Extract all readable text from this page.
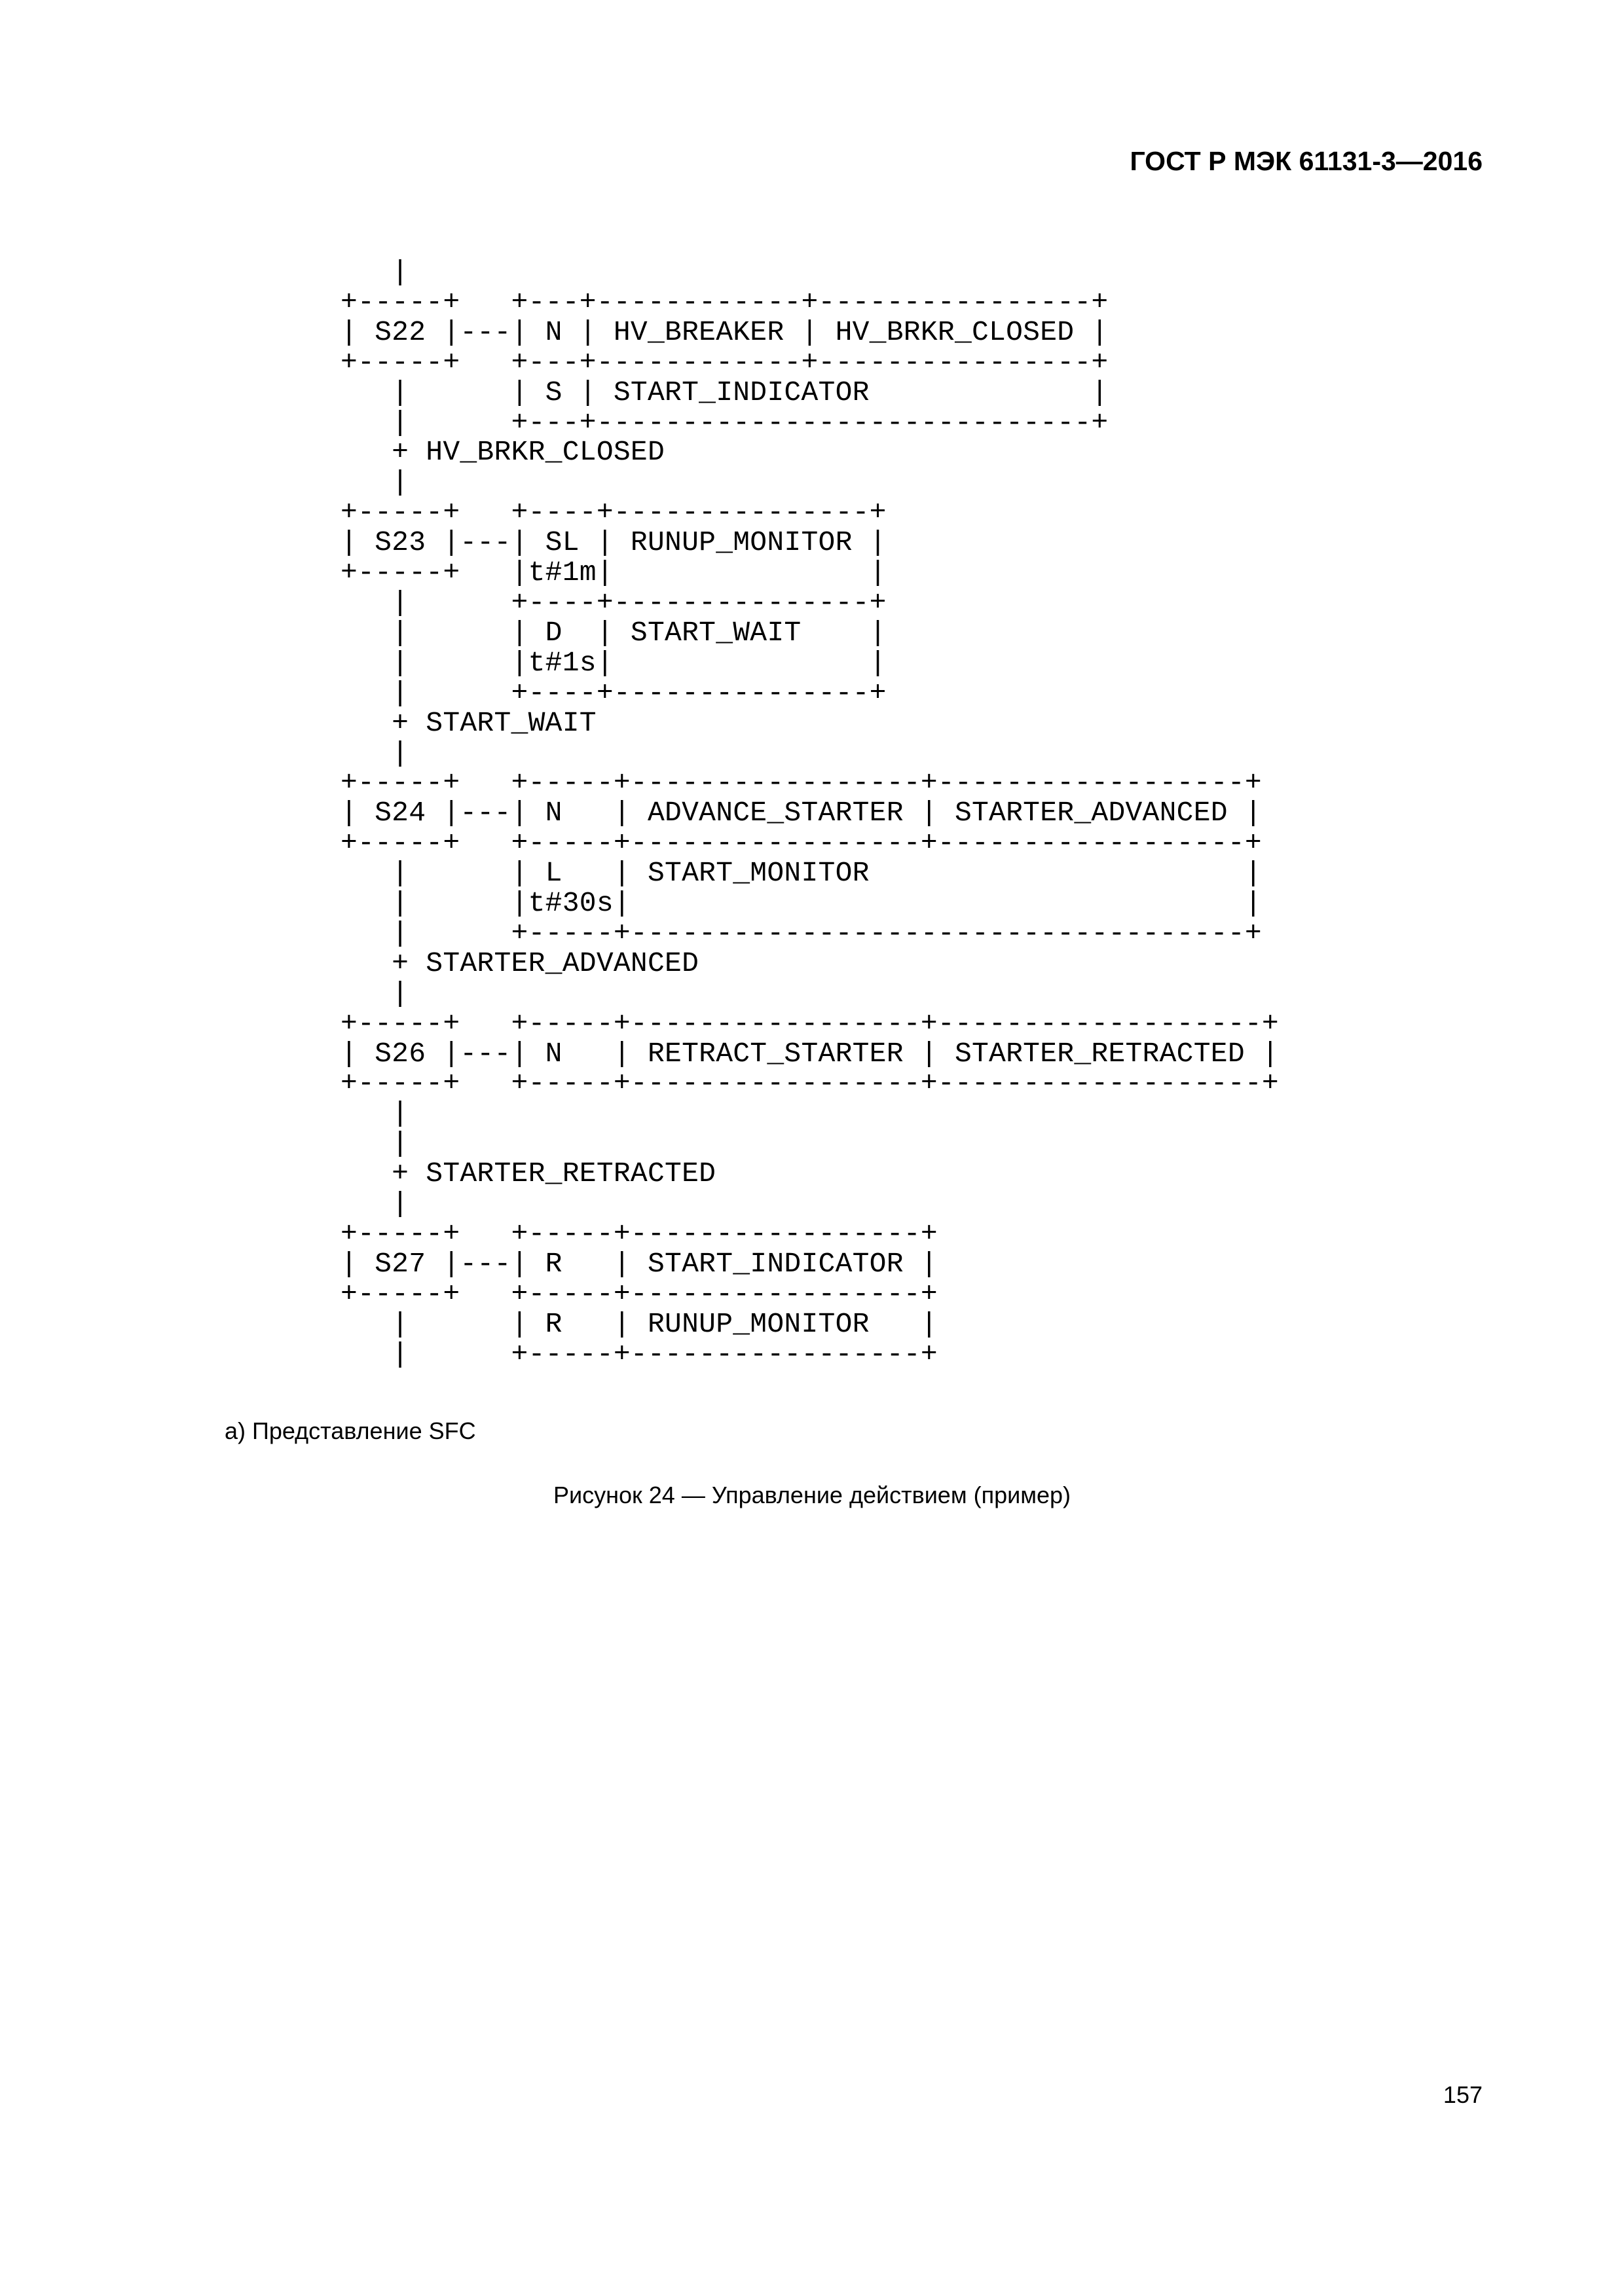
ГОСТ Р МЭК 61131-3—2016
|
+-----+   +---+------------+----------------+
| S22 |---| N | HV_BREAKER | HV_BRKR_CLOSED |
+-----+   +---+------------+----------------+
|      | S | START_INDICATOR             |
|      +---+-----------------------------+
+ HV_BRKR_CLOSED
|
+-----+   +----+---------------+
| S23 |---| SL | RUNUP_MONITOR |
+-----+   |t#1m|               |
|      +----+---------------+
|      | D  | START_WAIT    |
|      |t#1s|               |
|      +----+---------------+
+ START_WAIT
|
+-----+   +-----+-----------------+------------------+
| S24 |---| N   | ADVANCE_STARTER | STARTER_ADVANCED |
+-----+   +-----+-----------------+------------------+
|      | L   | START_MONITOR                      |
|      |t#30s|                                    |
|      +-----+------------------------------------+
+ STARTER_ADVANCED
|
+-----+   +-----+-----------------+-------------------+
| S26 |---| N   | RETRACT_STARTER | STARTER_RETRACTED |
+-----+   +-----+-----------------+-------------------+
|
|
+ STARTER_RETRACTED
|
+-----+   +-----+-----------------+
| S27 |---| R   | START_INDICATOR |
+-----+   +-----+-----------------+
|      | R   | RUNUP_MONITOR   |
|      +-----+-----------------+
а) Представление SFC
Рисунок 24 — Управление действием (пример)
157
